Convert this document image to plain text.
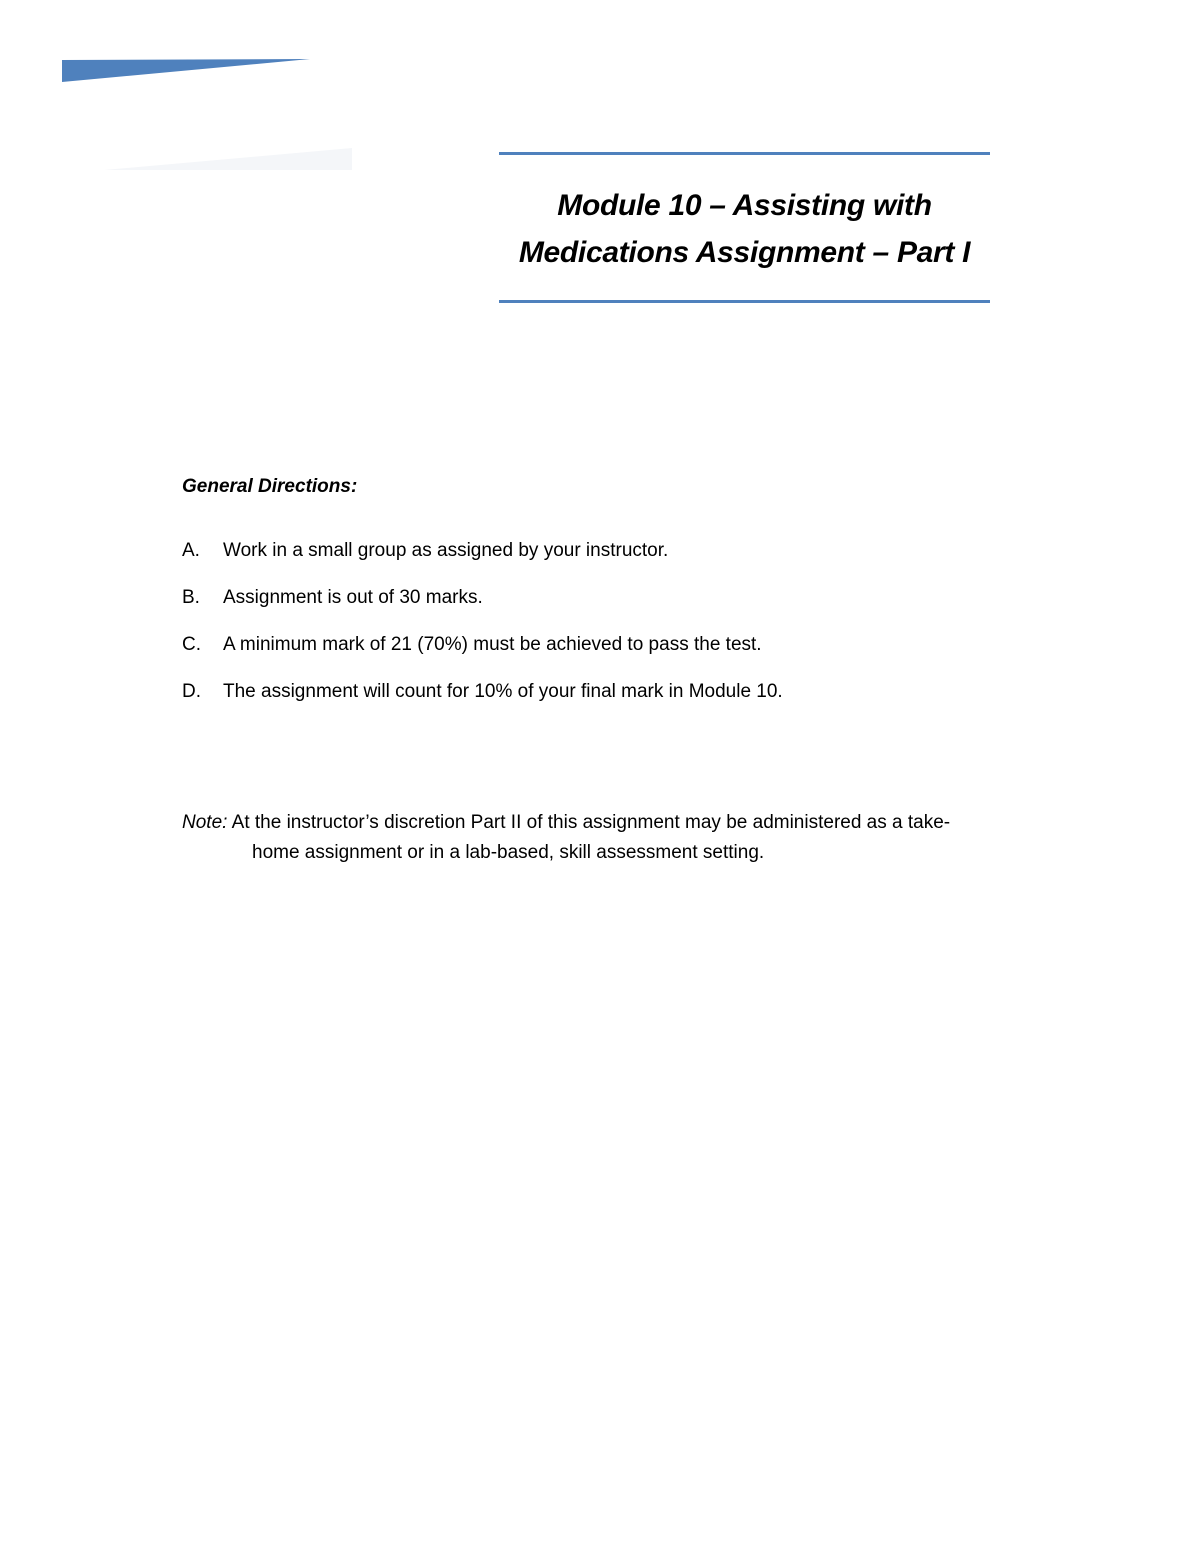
Module 10 – Assisting with
Medications Assignment – Part I
General Directions:
A. Work in a small group as assigned by your instructor.
B. Assignment is out of 30 marks.
C. A minimum mark of 21 (70%) must be achieved to pass the test.
D. The assignment will count for 10% of your final mark in Module 10.
Note: At the instructor’s discretion Part II of this assignment may be administered as a take-
home assignment or in a lab-based, skill assessment setting.
